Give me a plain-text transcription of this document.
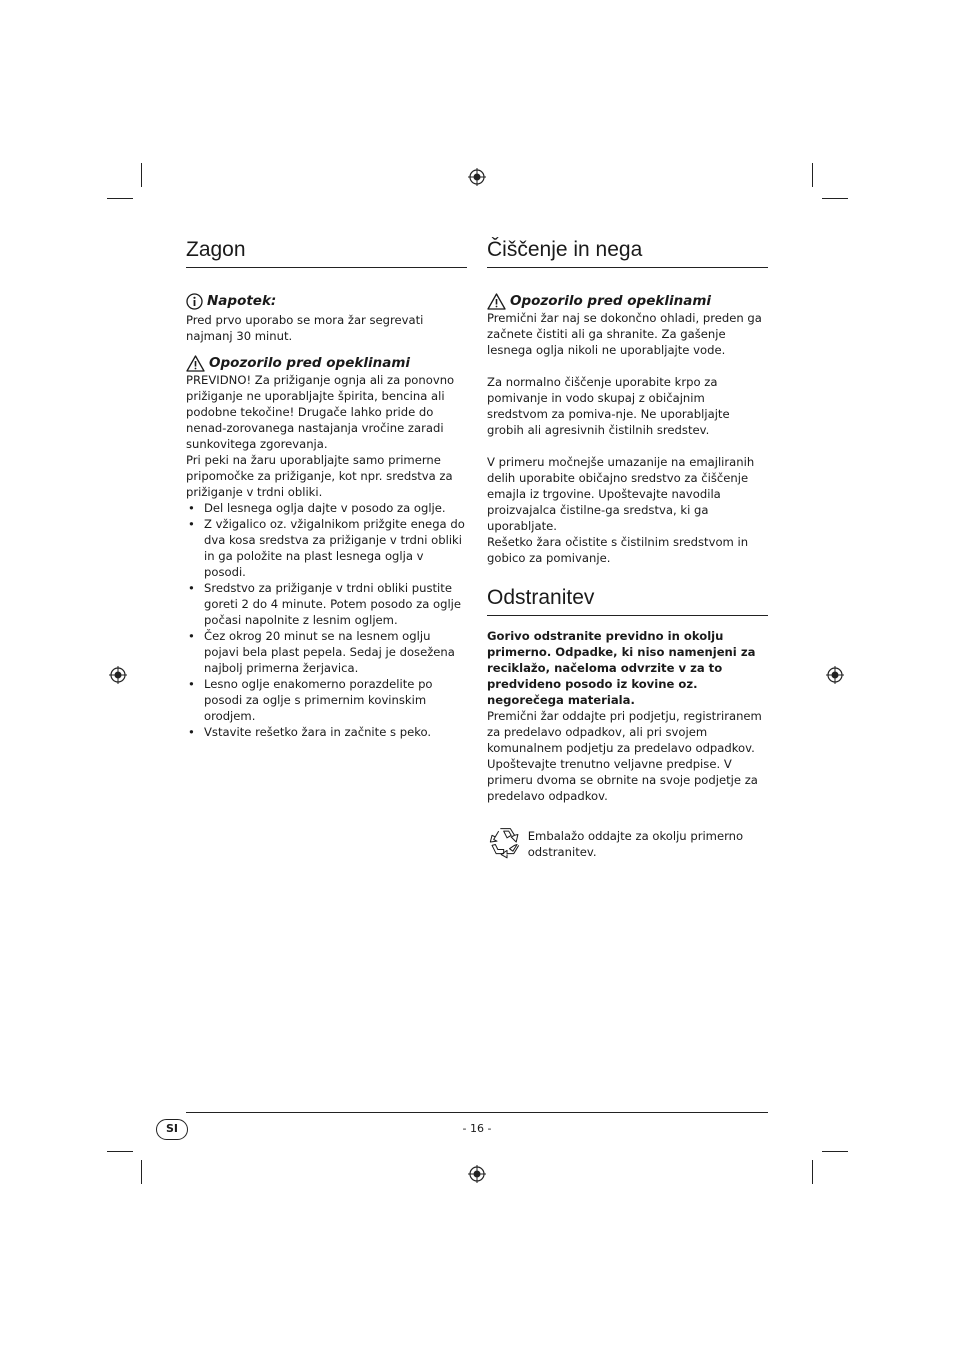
Zagon
Napotek:

Pred prvo uporabo se mora žar segrevati najmanj 30 minut.

Opozorilo pred opeklinami

PREVIDNO! Za prižiganje ognja ali za ponovno prižiganje ne uporabljajte špirita, bencina ali podobne tekočine! Drugače lahko pride do nenad-zorovanega nastajanja vročine zaradi sunkovitega zgorevanja.

Pri peki na žaru uporabljajte samo primerne pripomočke za prižiganje, kot npr. sredstva za prižiganje v trdni obliki.

• Del lesnega oglja dajte v posodo za oglje.
• Z vžigalico oz. vžigalnikom prižgite enega do dva kosa sredstva za prižiganje v trdni obliki in ga položite na plast lesnega oglja v posodi.
• Sredstvo za prižiganje v trdni obliki pustite goreti 2 do 4 minute. Potem posodo za oglje počasi napolnite z lesnim ogljem.
• Čez okrog 20 minut se na lesnem oglju pojavi bela plast pepela. Sedaj je dosežena najbolj primerna žerjavica.
• Lesno oglje enakomerno porazdelite po posodi za oglje s primernim kovinskim orodjem.
• Vstavite rešetko žara in začnite s peko.
Čiščenje in nega
Opozorilo pred opeklinami

Premični žar naj se dokončno ohladi, preden ga začnete čistiti ali ga shranite. Za gašenje lesnega oglja nikoli ne uporabljajte vode.

Za normalno čiščenje uporabite krpo za pomivanje in vodo skupaj z običajnim sredstvom za pomiva-nje. Ne uporabljajte grobih ali agresivnih čistilnih sredstev.

V primeru močnejše umazanije na emajliranih delih uporabite običajno sredstvo za čiščenje emajla iz trgovine. Upoštevajte navodila proizvajalca čistilne-ga sredstva, ki ga uporabljate.

Rešetko žara očistite s čistilnim sredstvom in gobico za pomivanje.

Odstranitev

Gorivo odstranite previdno in okolju primerno. Odpadke, ki niso namenjeni za reciklažo, načeloma odvrzite v za to predvideno posodo iz kovine oz. negorečega materiala.

Premični žar oddajte pri podjetju, registriranem za predelavo odpadkov, ali pri svojem komunalnem podjetju za predelavo odpadkov. Upoštevajte trenutno veljavne predpise. V primeru dvoma se obrnite na svoje podjetje za predelavo odpadkov.

Embalažo oddajte za okolju primerno odstranitev.

SI	- 16 -
